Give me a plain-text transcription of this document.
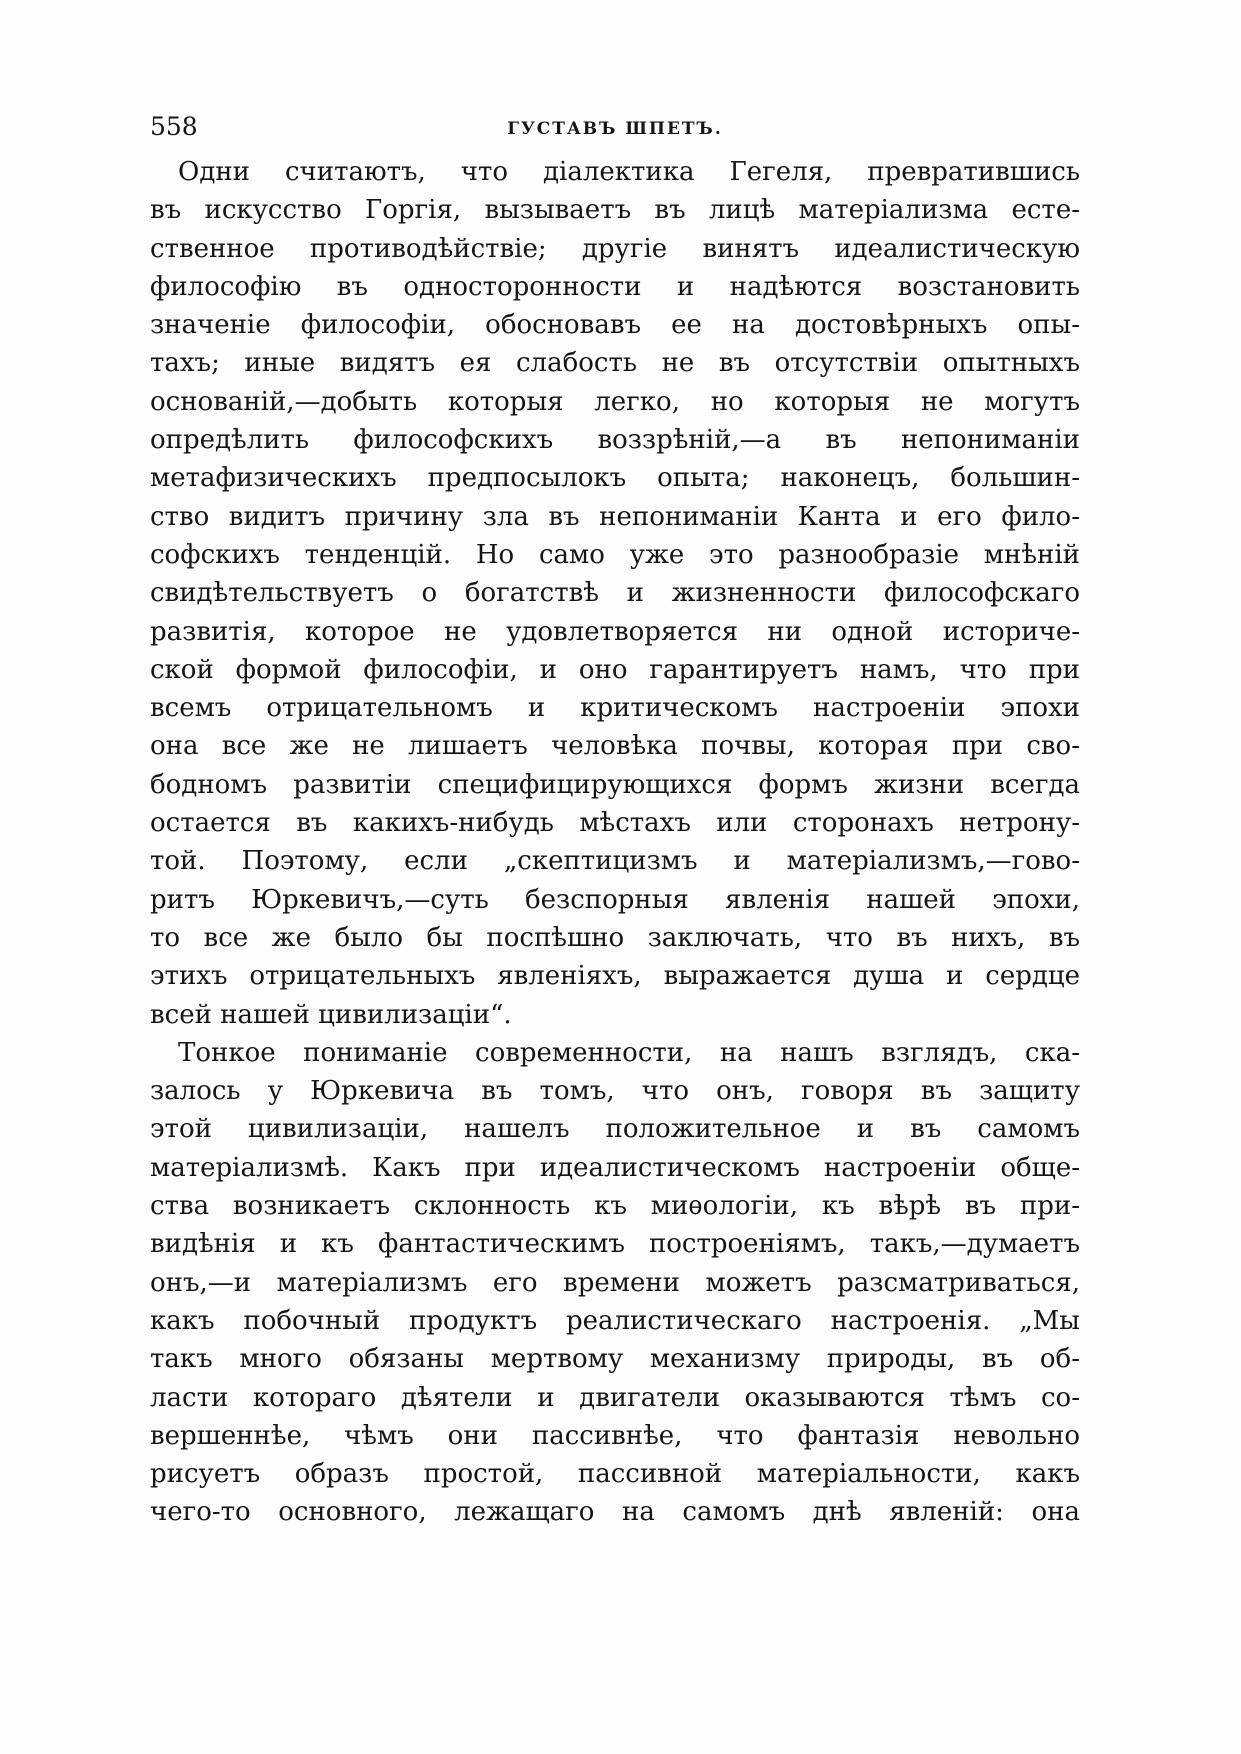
558	ГУСТАВЪ ШПЕТЪ.
Одни считаютъ, что діалектика Гегеля, превратившись
въ искусство Горгія, вызываетъ въ лицѣ матеріализма есте-
ственное противодѣйствіе; другіе винятъ идеалистическую
философію въ односторонности и надѣются возстановить
значеніе философіи, обосновавъ ее на достовѣрныхъ опы-
тахъ; иные видятъ ея слабость не въ отсутствіи опытныхъ
основаній,—добыть которыя легко, но которыя не могутъ
опредѣлить философскихъ воззрѣній,—а въ непониманіи
метафизическихъ предпосылокъ опыта; наконецъ, большин-
ство видитъ причину зла въ непониманіи Канта и его фило-
софскихъ тенденцій. Но само уже это разнообразіе мнѣній
свидѣтельствуетъ о богатствѣ и жизненности философскаго
развитія, которое не удовлетворяется ни одной историче-
ской формой философіи, и оно гарантируетъ намъ, что при
всемъ отрицательномъ и критическомъ настроеніи эпохи
она все же не лишаетъ человѣка почвы, которая при сво-
бодномъ развитіи специфицирующихся формъ жизни всегда
остается въ какихъ-нибудь мѣстахъ или сторонахъ нетрону-
той. Поэтому, если „скептицизмъ и матеріализмъ,—гово-
ритъ Юркевичъ,—суть безспорныя явленія нашей эпохи,
то все же было бы поспѣшно заключать, что въ нихъ, въ
этихъ отрицательныхъ явленіяхъ, выражается душа и сердце
всей нашей цивилизаціи“.
Тонкое пониманіе современности, на нашъ взглядъ, ска-
залось у Юркевича въ томъ, что онъ, говоря въ защиту
этой цивилизаціи, нашелъ положительное и въ самомъ
матеріализмѣ. Какъ при идеалистическомъ настроеніи обще-
ства возникаетъ склонность къ миѳологіи, къ вѣрѣ въ при-
видѣнія и къ фантастическимъ построеніямъ, такъ,—думаетъ
онъ,—и матеріализмъ его времени можетъ разсматриваться,
какъ побочный продуктъ реалистическаго настроенія. „Мы
такъ много обязаны мертвому механизму природы, въ об-
ласти котораго дѣятели и двигатели оказываются тѣмъ со-
вершеннѣе, чѣмъ они пассивнѣе, что фантазія невольно
рисуетъ образъ простой, пассивной матеріальности, какъ
чего-то основного, лежащаго на самомъ днѣ явленій: она
